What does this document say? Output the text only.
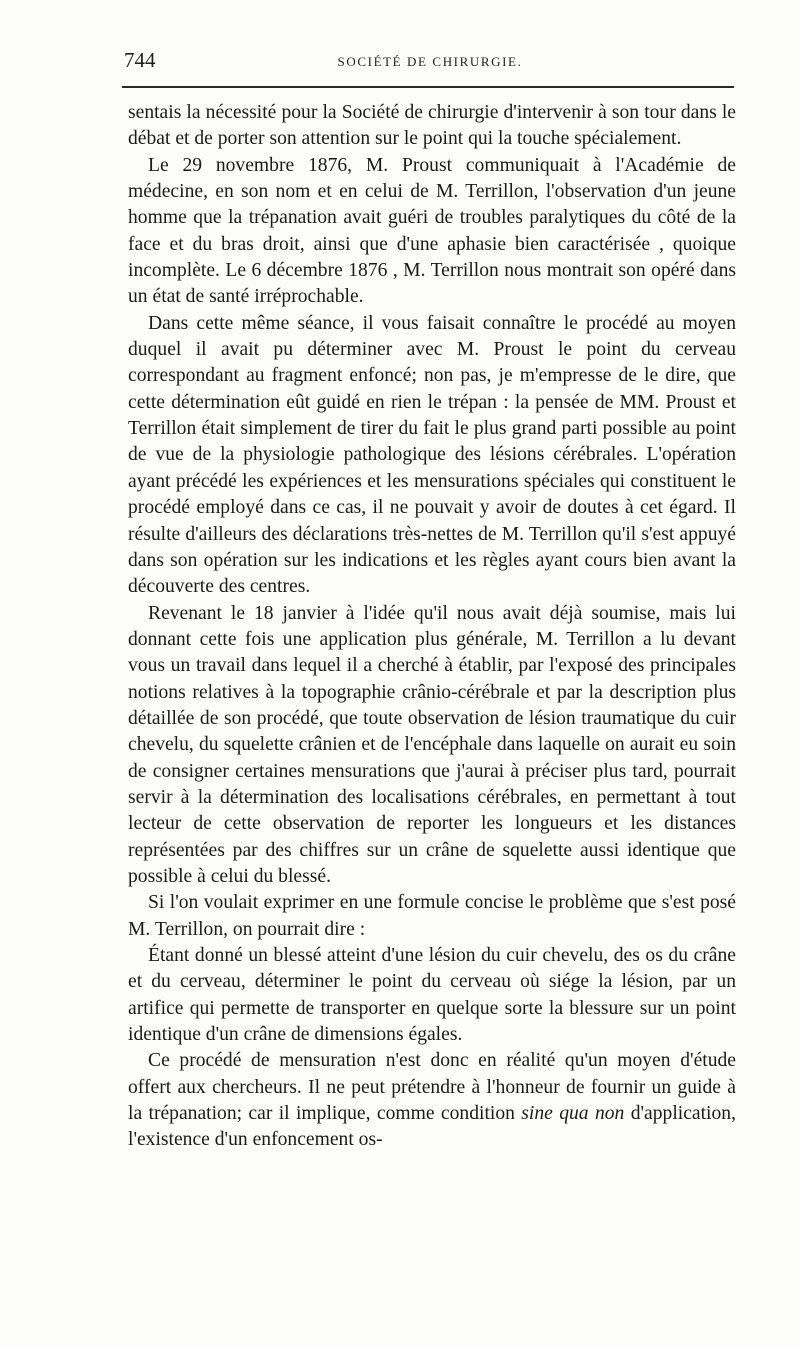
744	SOCIÉTÉ DE CHIRURGIE.

sentais la nécessité pour la Société de chirurgie d'intervenir à son tour dans le débat et de porter son attention sur le point qui la touche spécialement.

Le 29 novembre 1876, M. Proust communiquait à l'Académie de médecine, en son nom et en celui de M. Terrillon, l'observation d'un jeune homme que la trépanation avait guéri de troubles paralytiques du côté de la face et du bras droit, ainsi que d'une aphasie bien caractérisée , quoique incomplète. Le 6 décembre 1876 , M. Terrillon nous montrait son opéré dans un état de santé irréprochable.

Dans cette même séance, il vous faisait connaître le procédé au moyen duquel il avait pu déterminer avec M. Proust le point du cerveau correspondant au fragment enfoncé; non pas, je m'empresse de le dire, que cette détermination eût guidé en rien le trépan : la pensée de MM. Proust et Terrillon était simplement de tirer du fait le plus grand parti possible au point de vue de la physiologie pathologique des lésions cérébrales. L'opération ayant précédé les expériences et les mensurations spéciales qui constituent le procédé employé dans ce cas, il ne pouvait y avoir de doutes à cet égard. Il résulte d'ailleurs des déclarations très-nettes de M. Terrillon qu'il s'est appuyé dans son opération sur les indications et les règles ayant cours bien avant la découverte des centres.

Revenant le 18 janvier à l'idée qu'il nous avait déjà soumise, mais lui donnant cette fois une application plus générale, M. Terrillon a lu devant vous un travail dans lequel il a cherché à établir, par l'exposé des principales notions relatives à la topographie crânio-cérébrale et par la description plus détaillée de son procédé, que toute observation de lésion traumatique du cuir chevelu, du squelette crânien et de l'encéphale dans laquelle on aurait eu soin de consigner certaines mensurations que j'aurai à préciser plus tard, pourrait servir à la détermination des localisations cérébrales, en permettant à tout lecteur de cette observation de reporter les longueurs et les distances représentées par des chiffres sur un crâne de squelette aussi identique que possible à celui du blessé.

Si l'on voulait exprimer en une formule concise le problème que s'est posé M. Terrillon, on pourrait dire :

Étant donné un blessé atteint d'une lésion du cuir chevelu, des os du crâne et du cerveau, déterminer le point du cerveau où siége la lésion, par un artifice qui permette de transporter en quelque sorte la blessure sur un point identique d'un crâne de dimensions égales.

Ce procédé de mensuration n'est donc en réalité qu'un moyen d'étude offert aux chercheurs. Il ne peut prétendre à l'honneur de fournir un guide à la trépanation; car il implique, comme condition sine qua non d'application, l'existence d'un enfoncement os-
